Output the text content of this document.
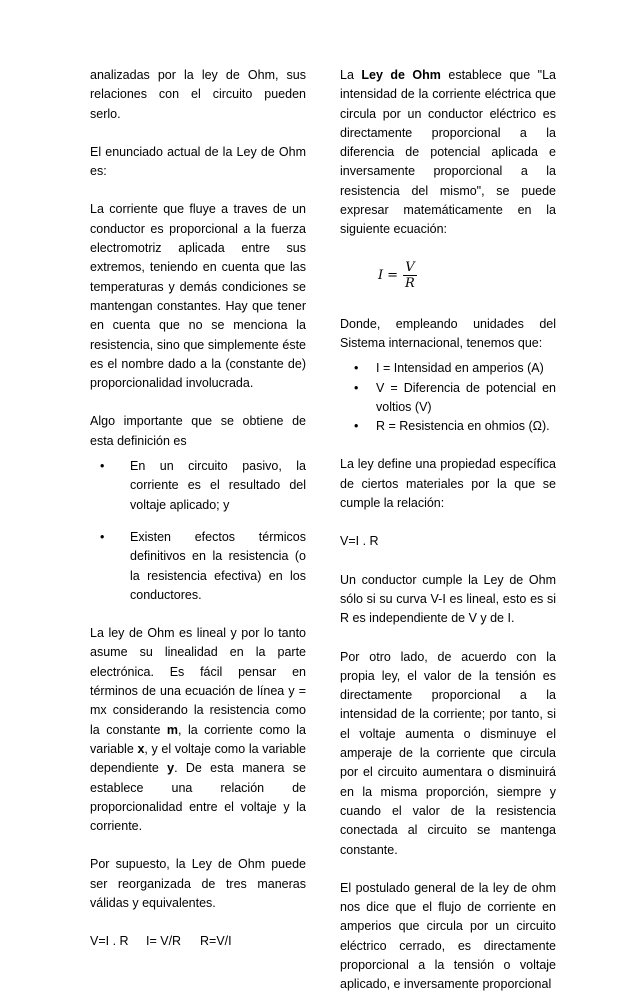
analizadas por la ley de Ohm, sus relaciones con el circuito pueden serlo.

El enunciado actual de la Ley de Ohm es:

La corriente que fluye a traves de un conductor es proporcional a la fuerza electromotriz aplicada entre sus extremos, teniendo en cuenta que las temperaturas y demás condiciones se mantengan constantes. Hay que tener en cuenta que no se menciona la resistencia, sino que simplemente éste es el nombre dado a la (constante de) proporcionalidad involucrada.

Algo importante que se obtiene de esta definición es

• En un circuito pasivo, la corriente es el resultado del voltaje aplicado; y
• Existen efectos térmicos definitivos en la resistencia (o la resistencia efectiva) en los conductores.

La ley de Ohm es lineal y por lo tanto asume su linealidad en la parte electrónica. Es fácil pensar en términos de una ecuación de línea y = mx considerando la resistencia como la constante m, la corriente como la variable x, y el voltaje como la variable dependiente y. De esta manera se establece una relación de proporcionalidad entre el voltaje y la corriente.

Por supuesto, la Ley de Ohm puede ser reorganizada de tres maneras válidas y equivalentes.

V=I . R	I= V/R	R=V/I

La Ley de Ohm establece que "La intensidad de la corriente eléctrica que circula por un conductor eléctrico es directamente proporcional a la diferencia de potencial aplicada e inversamente proporcional a la resistencia del mismo", se puede expresar matemáticamente en la siguiente ecuación:

$I = \frac{V}{R}$

Donde, empleando unidades del Sistema internacional, tenemos que:

• I = Intensidad en amperios (A)
• V = Diferencia de potencial en voltios (V)
• R = Resistencia en ohmios (Ω).

La ley define una propiedad específica de ciertos materiales por la que se cumple la relación:

V=I . R

Un conductor cumple la Ley de Ohm sólo si su curva V-I es lineal, esto es si R es independiente de V y de I.

Por otro lado, de acuerdo con la propia ley, el valor de la tensión es directamente proporcional a la intensidad de la corriente; por tanto, si el voltaje aumenta o disminuye el amperaje de la corriente que circula por el circuito aumentara o disminuirá en la misma proporción, siempre y cuando el valor de la resistencia conectada al circuito se mantenga constante.

El postulado general de la ley de ohm nos dice que el flujo de corriente en amperios que circula por un circuito eléctrico cerrado, es directamente proporcional a la tensión o voltaje aplicado, e inversamente proporcional
